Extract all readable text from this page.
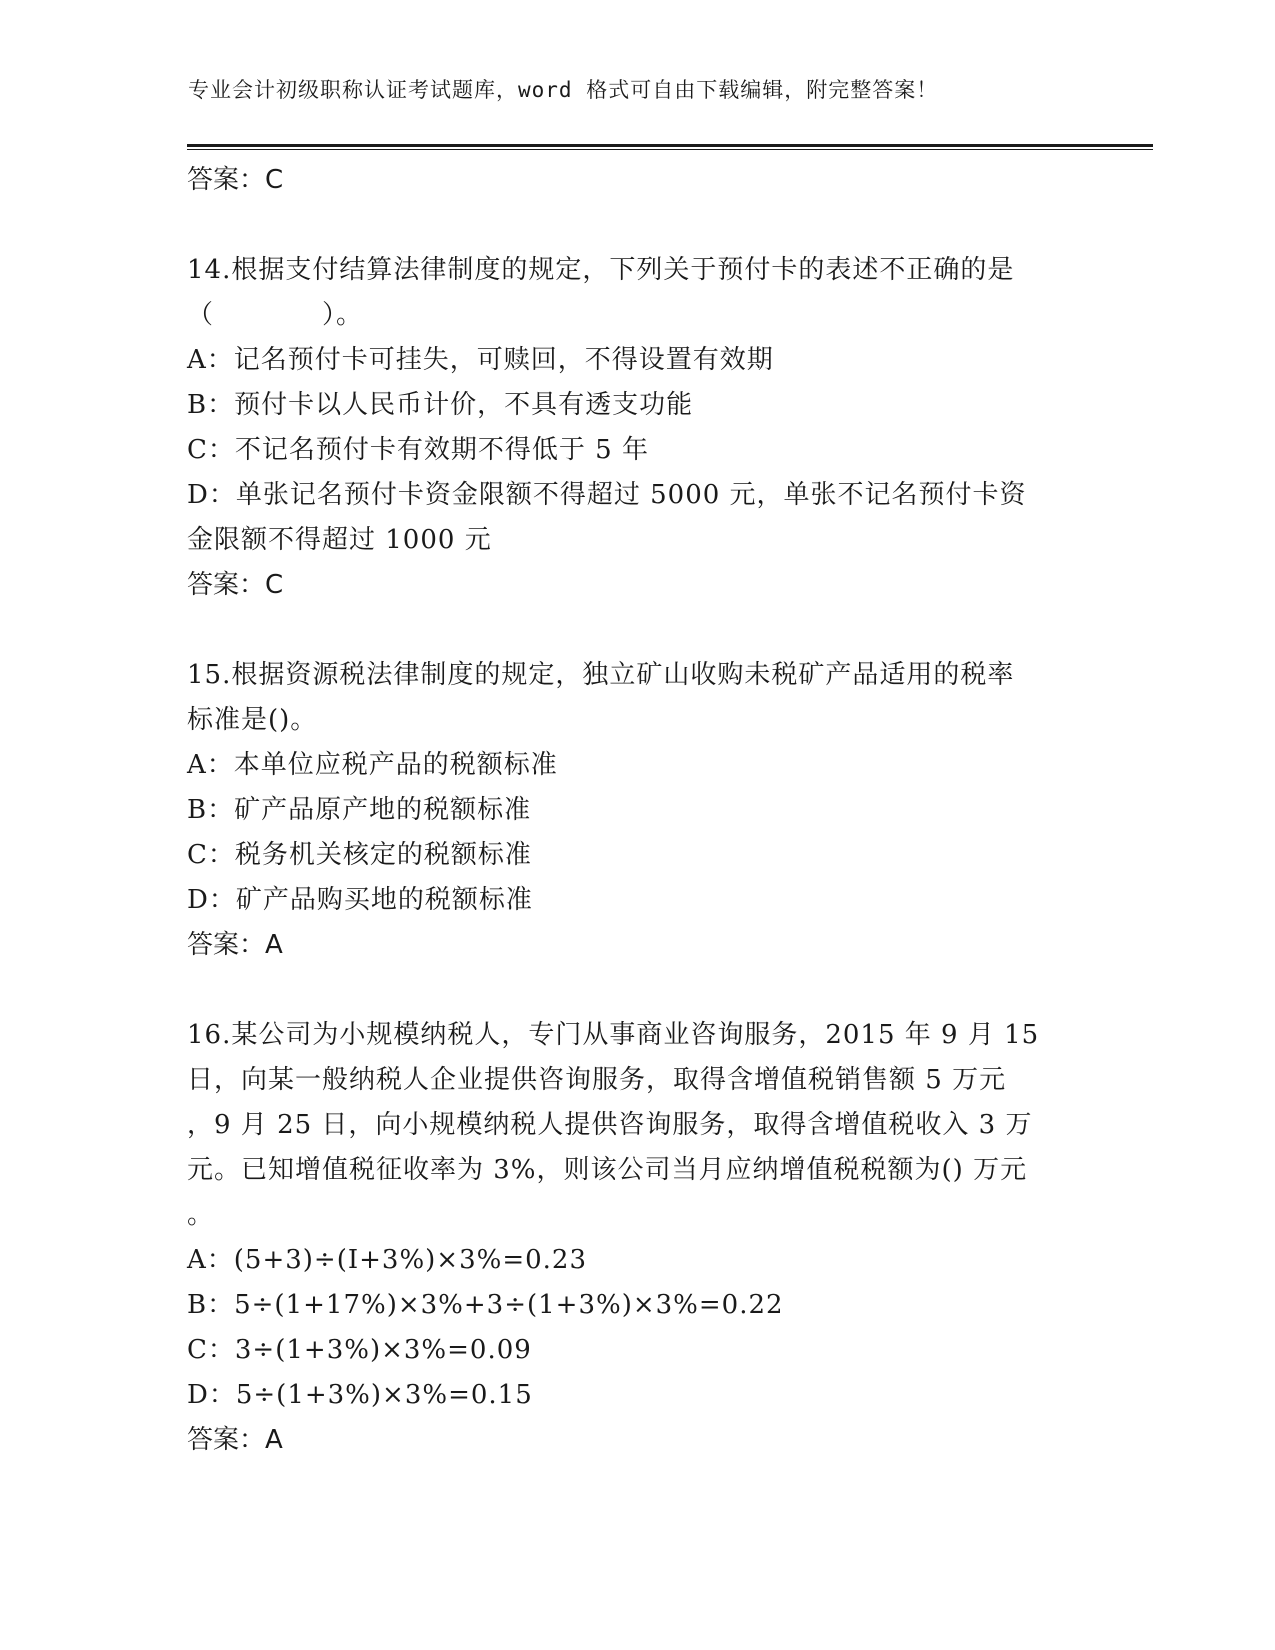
专业会计初级职称认证考试题库，word 格式可自由下载编辑，附完整答案！
答案：C
14.根据支付结算法律制度的规定，下列关于预付卡的表述不正确的是
（　　　　）。
A：记名预付卡可挂失，可赎回，不得设置有效期
B：预付卡以人民币计价，不具有透支功能
C：不记名预付卡有效期不得低于 5 年
D：单张记名预付卡资金限额不得超过 5000 元，单张不记名预付卡资
金限额不得超过 1000 元
答案：C
15.根据资源税法律制度的规定，独立矿山收购未税矿产品适用的税率
标准是()。
A：本单位应税产品的税额标准
B：矿产品原产地的税额标准
C：税务机关核定的税额标准
D：矿产品购买地的税额标准
答案：A
16.某公司为小规模纳税人，专门从事商业咨询服务，2015 年 9 月 15
日，向某一般纳税人企业提供咨询服务，取得含增值税销售额 5 万元
，9 月 25 日，向小规模纳税人提供咨询服务，取得含增值税收入 3 万
元。已知增值税征收率为 3%，则该公司当月应纳增值税税额为() 万元
。
A：(5+3)÷(I+3%)×3%=0.23
B：5÷(1+17%)×3%+3÷(1+3%)×3%=0.22
C：3÷(1+3%)×3%=0.09
D：5÷(1+3%)×3%=0.15
答案：A
